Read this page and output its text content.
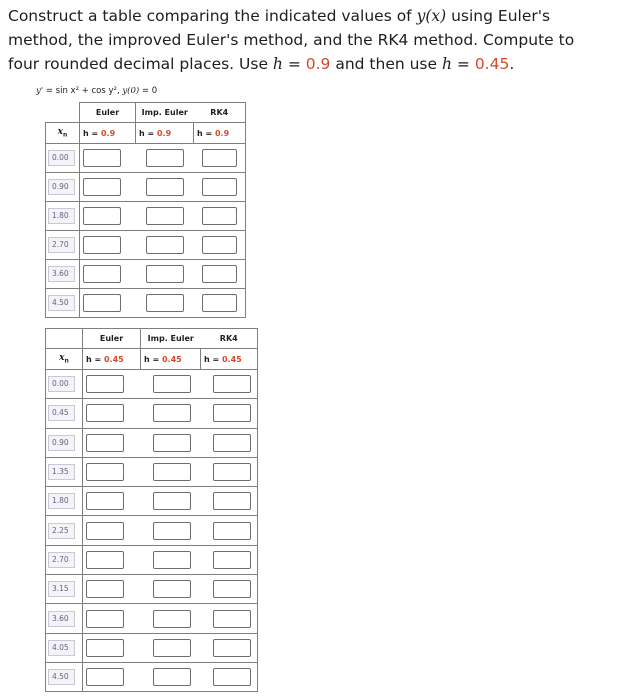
Construct a table comparing the indicated values of y(x) using Euler's
method, the improved Euler's method, and the RK4 method. Compute to
four rounded decimal places. Use h = 0.9 and then use h = 0.45.
y' = sin x² + cos y², y(0) = 0
	Euler	Imp. Euler	RK4
$x_n$	h = 0.9	h = 0.9	h = 0.9

0.00			

0.90			

1.80			

2.70			

3.60			

4.50			

	Euler	Imp. Euler	RK4
$x_n$	h = 0.45	h = 0.45	h = 0.45

0.00			

0.45			

0.90			

1.35			

1.80			

2.25			

2.70			

3.15			

3.60			

4.05			

4.50			
